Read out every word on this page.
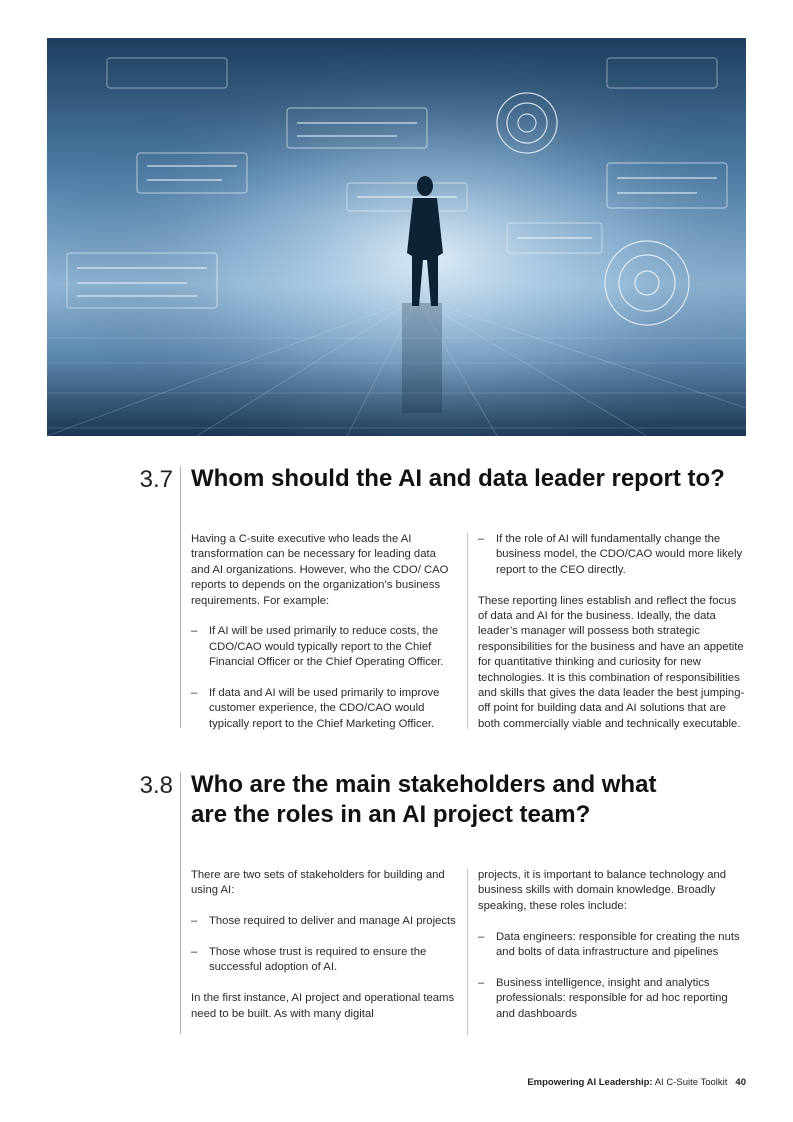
3.7 Whom should the AI and data leader report to?

Having a C-suite executive who leads the AI transformation can be necessary for leading data and AI organizations. However, who the CDO/ CAO reports to depends on the organization’s business requirements. For example:

– If AI will be used primarily to reduce costs, the CDO/CAO would typically report to the Chief Financial Officer or the Chief Operating Officer.
– If data and AI will be used primarily to improve customer experience, the CDO/CAO would typically report to the Chief Marketing Officer.
– If the role of AI will fundamentally change the business model, the CDO/CAO would more likely report to the CEO directly.

These reporting lines establish and reflect the focus of data and AI for the business. Ideally, the data leader’s manager will possess both strategic responsibilities for the business and have an appetite for quantitative thinking and curiosity for new technologies. It is this combination of responsibilities and skills that gives the data leader the best jumping-off point for building data and AI solutions that are both commercially viable and technically executable.

3.8 Who are the main stakeholders and what
are the roles in an AI project team?

There are two sets of stakeholders for building and using AI:

– Those required to deliver and manage AI projects
– Those whose trust is required to ensure the successful adoption of AI.

In the first instance, AI project and operational teams need to be built. As with many digital

projects, it is important to balance technology and business skills with domain knowledge. Broadly speaking, these roles include:

– Data engineers: responsible for creating the nuts and bolts of data infrastructure and pipelines
– Business intelligence, insight and analytics professionals: responsible for ad hoc reporting and dashboards
Empowering AI Leadership: AI C-Suite Toolkit 40
